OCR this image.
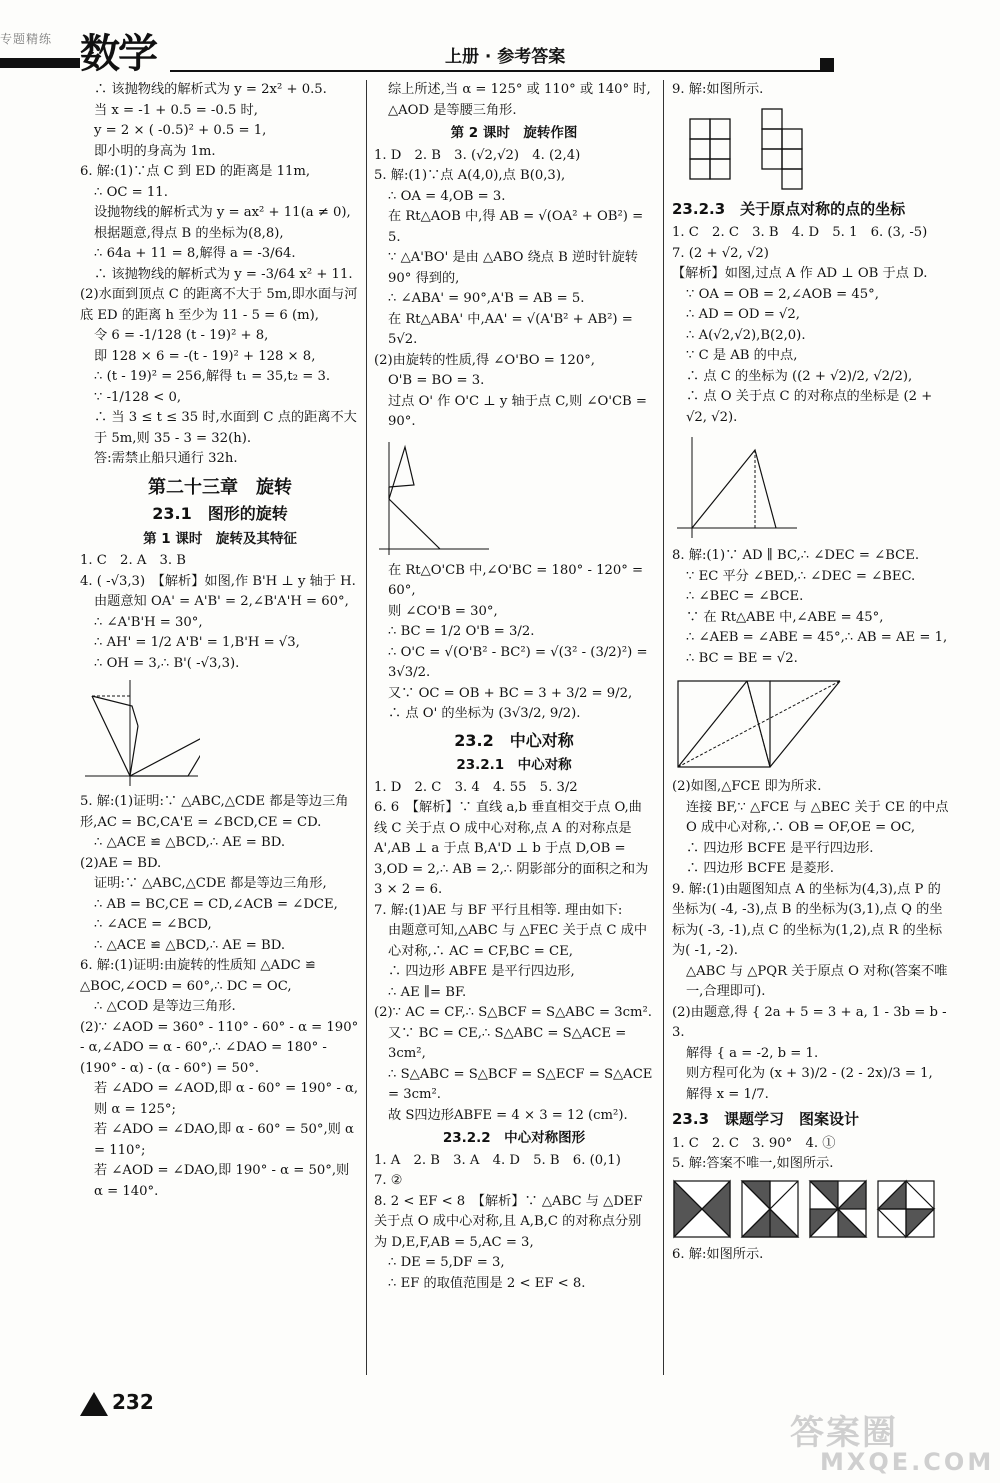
专题精练 数学	上册 · 参考答案

∴ 该抛物线的解析式为 y = 2x² + 0.5.

当 x = -1 + 0.5 = -0.5 时,

y = 2 × ( -0.5)² + 0.5 = 1,

即小明的身高为 1m.

6. 解:(1)∵点 C 到 ED 的距离是 11m,

∴ OC = 11.

设抛物线的解析式为 y = ax² + 11(a ≠ 0),

根据题意,得点 B 的坐标为(8,8),

∴ 64a + 11 = 8,解得 a = -3/64.

∴ 该抛物线的解析式为 y = -3/64 x² + 11.

(2)水面到顶点 C 的距离不大于 5m,即水面与河底 ED 的距离 h 至少为 11 - 5 = 6 (m),

令 6 = -1/128 (t - 19)² + 8,

即 128 × 6 = -(t - 19)² + 128 × 8,

∴ (t - 19)² = 256,解得 t₁ = 35,t₂ = 3.

∵ -1/128 < 0,

∴ 当 3 ≤ t ≤ 35 时,水面到 C 点的距离不大于 5m,则 35 - 3 = 32(h).

答:需禁止船只通行 32h.

第二十三章　旋转

23.1　图形的旋转

第 1 课时　旋转及其特征

1. C　2. A　3. B

4. ( -√3,3)　【解析】如图,作 B'H ⊥ y 轴于 H.

由题意知 OA' = A'B' = 2,∠B'A'H = 60°,

∴ ∠A'B'H = 30°,

∴ AH' = 1/2 A'B' = 1,B'H = √3,

∴ OH = 3,∴ B'( -√3,3).

5. 解:(1)证明:∵ △ABC,△CDE 都是等边三角形,AC = BC,CA'E = ∠BCD,CE = CD.

∴ △ACE ≌ △BCD,∴ AE = BD.

(2)AE = BD.

证明:∵ △ABC,△CDE 都是等边三角形,

∴ AB = BC,CE = CD,∠ACB = ∠DCE,

∴ ∠ACE = ∠BCD,

∴ △ACE ≌ △BCD,∴ AE = BD.

6. 解:(1)证明:由旋转的性质知 △ADC ≌ △BOC,∠OCD = 60°,∴ DC = OC,

∴ △COD 是等边三角形.

(2)∵ ∠AOD = 360° - 110° - 60° - α = 190° - α,∠ADO = α - 60°,∴ ∠DAO = 180° - (190° - α) - (α - 60°) = 50°.

若 ∠ADO = ∠AOD,即 α - 60° = 190° - α,

则 α = 125°;

若 ∠ADO = ∠DAO,即 α - 60° = 50°,则 α = 110°;

若 ∠AOD = ∠DAO,即 190° - α = 50°,则 α = 140°.

综上所述,当 α = 125° 或 110° 或 140° 时,

△AOD 是等腰三角形.

第 2 课时　旋转作图

1. D　2. B　3. (√2,√2)　4. (2,4)

5. 解:(1)∵点 A(4,0),点 B(0,3),

∴ OA = 4,OB = 3.

在 Rt△AOB 中,得 AB = √(OA² + OB²) = 5.

∵ △A'BO' 是由 △ABO 绕点 B 逆时针旋转 90° 得到的,

∴ ∠ABA' = 90°,A'B = AB = 5.

在 Rt△ABA' 中,AA' = √(A'B² + AB²) = 5√2.

(2)由旋转的性质,得 ∠O'BO = 120°,

O'B = BO = 3.

过点 O' 作 O'C ⊥ y 轴于点 C,则 ∠O'CB = 90°.

在 Rt△O'CB 中,∠O'BC = 180° - 120° = 60°,

则 ∠CO'B = 30°,

∴ BC = 1/2 O'B = 3/2.

∴ O'C = √(O'B² - BC²) = √(3² - (3/2)²) = 3√3/2.

又∵ OC = OB + BC = 3 + 3/2 = 9/2,

∴ 点 O' 的坐标为 (3√3/2, 9/2).

23.2　中心对称

23.2.1　中心对称

1. D　2. C　3. 4　4. 55　5. 3/2

6. 6　【解析】∵ 直线 a,b 垂直相交于点 O,曲线 C 关于点 O 成中心对称,点 A 的对称点是 A',AB ⊥ a 于点 B,A'D ⊥ b 于点 D,OB = 3,OD = 2,∴ AB = 2,∴ 阴影部分的面积之和为 3 × 2 = 6.

7. 解:(1)AE 与 BF 平行且相等. 理由如下:

由题意可知,△ABC 与 △FEC 关于点 C 成中心对称,∴ AC = CF,BC = CE,

∴ 四边形 ABFE 是平行四边形,

∴ AE ∥= BF.

(2)∵ AC = CF,∴ S△BCF = S△ABC = 3cm².

又∵ BC = CE,∴ S△ABC = S△ACE = 3cm²,

∴ S△ABC = S△BCF = S△ECF = S△ACE = 3cm².

故 S四边形ABFE = 4 × 3 = 12 (cm²).

23.2.2　中心对称图形

1. A　2. B　3. A　4. D　5. B　6. (0,1)

7. ②

8. 2 < EF < 8　【解析】∵ △ABC 与 △DEF 关于点 O 成中心对称,且 A,B,C 的对称点分别为 D,E,F,AB = 5,AC = 3,

∴ DE = 5,DF = 3,

∴ EF 的取值范围是 2 < EF < 8.

9. 解:如图所示.

23.2.3　关于原点对称的点的坐标

1. C　2. C　3. B　4. D　5. 1　6. (3, -5)

7. (2 + √2, √2)

【解析】如图,过点 A 作 AD ⊥ OB 于点 D.

∵ OA = OB = 2,∠AOB = 45°,

∴ AD = OD = √2,

∴ A(√2,√2),B(2,0).

∵ C 是 AB 的中点,

∴ 点 C 的坐标为 ((2 + √2)/2, √2/2),

∴ 点 O 关于点 C 的对称点的坐标是 (2 + √2, √2).

8. 解:(1)∵ AD ∥ BC,∴ ∠DEC = ∠BCE.

∵ EC 平分 ∠BED,∴ ∠DEC = ∠BEC.

∴ ∠BEC = ∠BCE.

∵ 在 Rt△ABE 中,∠ABE = 45°,

∴ ∠AEB = ∠ABE = 45°,∴ AB = AE = 1,

∴ BC = BE = √2.

(2)如图,△FCE 即为所求.

连接 BF,∵ △FCE 与 △BEC 关于 CE 的中点 O 成中心对称,∴ OB = OF,OE = OC,

∴ 四边形 BCFE 是平行四边形.

∴ 四边形 BCFE 是菱形.

9. 解:(1)由题图知点 A 的坐标为(4,3),点 P 的坐标为( -4, -3),点 B 的坐标为(3,1),点 Q 的坐标为( -3, -1),点 C 的坐标为(1,2),点 R 的坐标为( -1, -2).

△ABC 与 △PQR 关于原点 O 对称(答案不唯一,合理即可).

(2)由题意,得 { 2a + 5 = 3 + a, 1 - 3b = b - 3.

解得 { a = -2, b = 1.

则方程可化为 (x + 3)/2 - (2 - 2x)/3 = 1,

解得 x = 1/7.

23.3　课题学习　图案设计

1. C　2. C　3. 90°　4. ①

5. 解:答案不唯一,如图所示.

6. 解:如图所示.

232
答案圈
MXQE.COM
